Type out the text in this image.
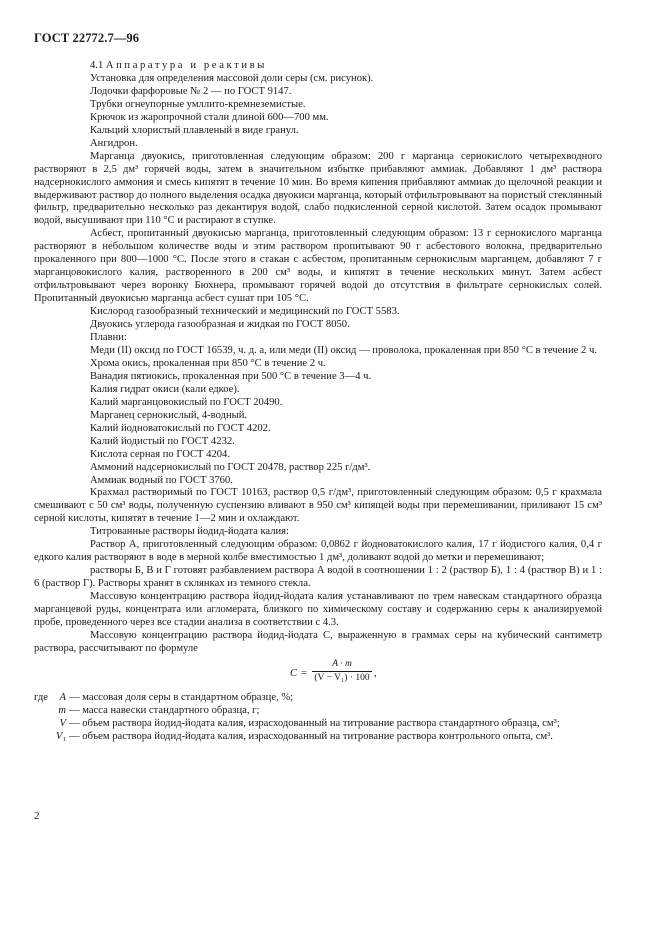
ГОСТ 22772.7—96

4.1 Аппаратура и реактивы

Установка для определения массовой доли серы (см. рисунок).

Лодочки фарфоровые № 2 — по ГОСТ 9147.

Трубки огнеупорные умллито-кремнеземистые.

Крючок из жаропрочной стали длиной 600—700 мм.

Кальций хлористый плавленый в виде гранул.

Ангидрон.

Марганца двуокись, приготовленная следующим образом: 200 г марганца сернокислого четырехводного растворяют в 2,5 дм³ горячей воды, затем в значительном избытке прибавляют аммиак. Добавляют 1 дм³ раствора надсернокислого аммония и смесь кипятят в течение 10 мин. Во время кипения прибавляют аммиак до щелочной реакции и выдерживают раствор до полного выделения осадка двуокиси марганца, который отфильтровывают на пористый стеклянный фильтр, предварительно несколько раз декантируя водой, слабо подкисленной серной кислотой. Затем осадок промывают водой, высушивают при 110 °С и растирают в ступке.

Асбест, пропитанный двуокисью марганца, приготовленный следующим образом: 13 г сернокислого марганца растворяют в небольшом количестве воды и этим раствором пропитывают 90 г асбестового волокна, предварительно прокаленного при 800—1000 °С. После этого в стакан с асбестом, пропитанным сернокислым марганцем, добавляют 7 г марганцовокислого калия, растворенного в 200 см³ воды, и кипятят в течение нескольких минут. Затем асбест отфильтровывают через воронку Бюхнера, промывают горячей водой до отсутствия в фильтрате сернокислых солей. Пропитанный двуокисью марганца асбест сушат при 105 °С.

Кислород газообразный технический и медицинский по ГОСТ 5583.

Двуокись углерода газообразная и жидкая по ГОСТ 8050.

Плавни:

Меди (II) оксид по ГОСТ 16539, ч. д. а, или меди (II) оксид — проволока, прокаленная при 850 °С в течение 2 ч.

Хрома окись, прокаленная при 850 °С в течение 2 ч.

Ванадия пятиокись, прокаленная при 500 °С в течение 3—4 ч.

Калия гидрат окиси (кали едкое).

Калий марганцовокислый по ГОСТ 20490.

Марганец сернокислый, 4-водный.

Калий йодноватокислый по ГОСТ 4202.

Калий йодистый по ГОСТ 4232.

Кислота серная по ГОСТ 4204.

Аммоний надсернокислый по ГОСТ 20478, раствор 225 г/дм³.

Аммиак водный по ГОСТ 3760.

Крахмал растворимый по ГОСТ 10163, раствор 0,5 г/дм³, приготовленный следующим образом: 0,5 г крахмала смешивают с 50 см³ воды, полученную суспензию вливают в 950 см³ кипящей воды при перемешивании, приливают 15 см³ серной кислоты, кипятят в течение 1—2 мин и охлаждают.

Титрованные растворы йодид-йодата калия:

Раствор А, приготовленный следующим образом: 0,0862 г йодноватокислого калия, 17 г йодистого калия, 0,4 г едкого калия растворяют в воде в мерной колбе вместимостью 1 дм³, доливают водой до метки и перемешивают;

растворы Б, В и Г готовят разбавлением раствора А водой в соотношении 1 : 2 (раствор Б), 1 : 4 (раствор В) и 1 : 6 (раствор Г). Растворы хранят в склянках из темного стекла.

Массовую концентрацию раствора йодид-йодата калия устанавливают по трем навескам стандартного образца марганцевой руды, концентрата или агломерата, близкого по химическому составу и содержанию серы к анализируемой пробе, проведенного через все стадии анализа в соответствии с 4.3.

Массовую концентрацию раствора йодид-йодата С, выраженную в граммах серы на кубический сантиметр раствора, рассчитывают по формуле

$C = \frac{A \cdot m}{\text{(V − V₁) · 100}}$ ,
где	A — массовая доля серы в стандартном образце, %;
m — масса навески стандартного образца, г;
V — объем раствора йодид-йодата калия, израсходованный на титрование раствора стандартного образца, см³;
V₁ — объем раствора йодид-йодата калия, израсходованный на титрование раствора контрольного опыта, см³.
2
